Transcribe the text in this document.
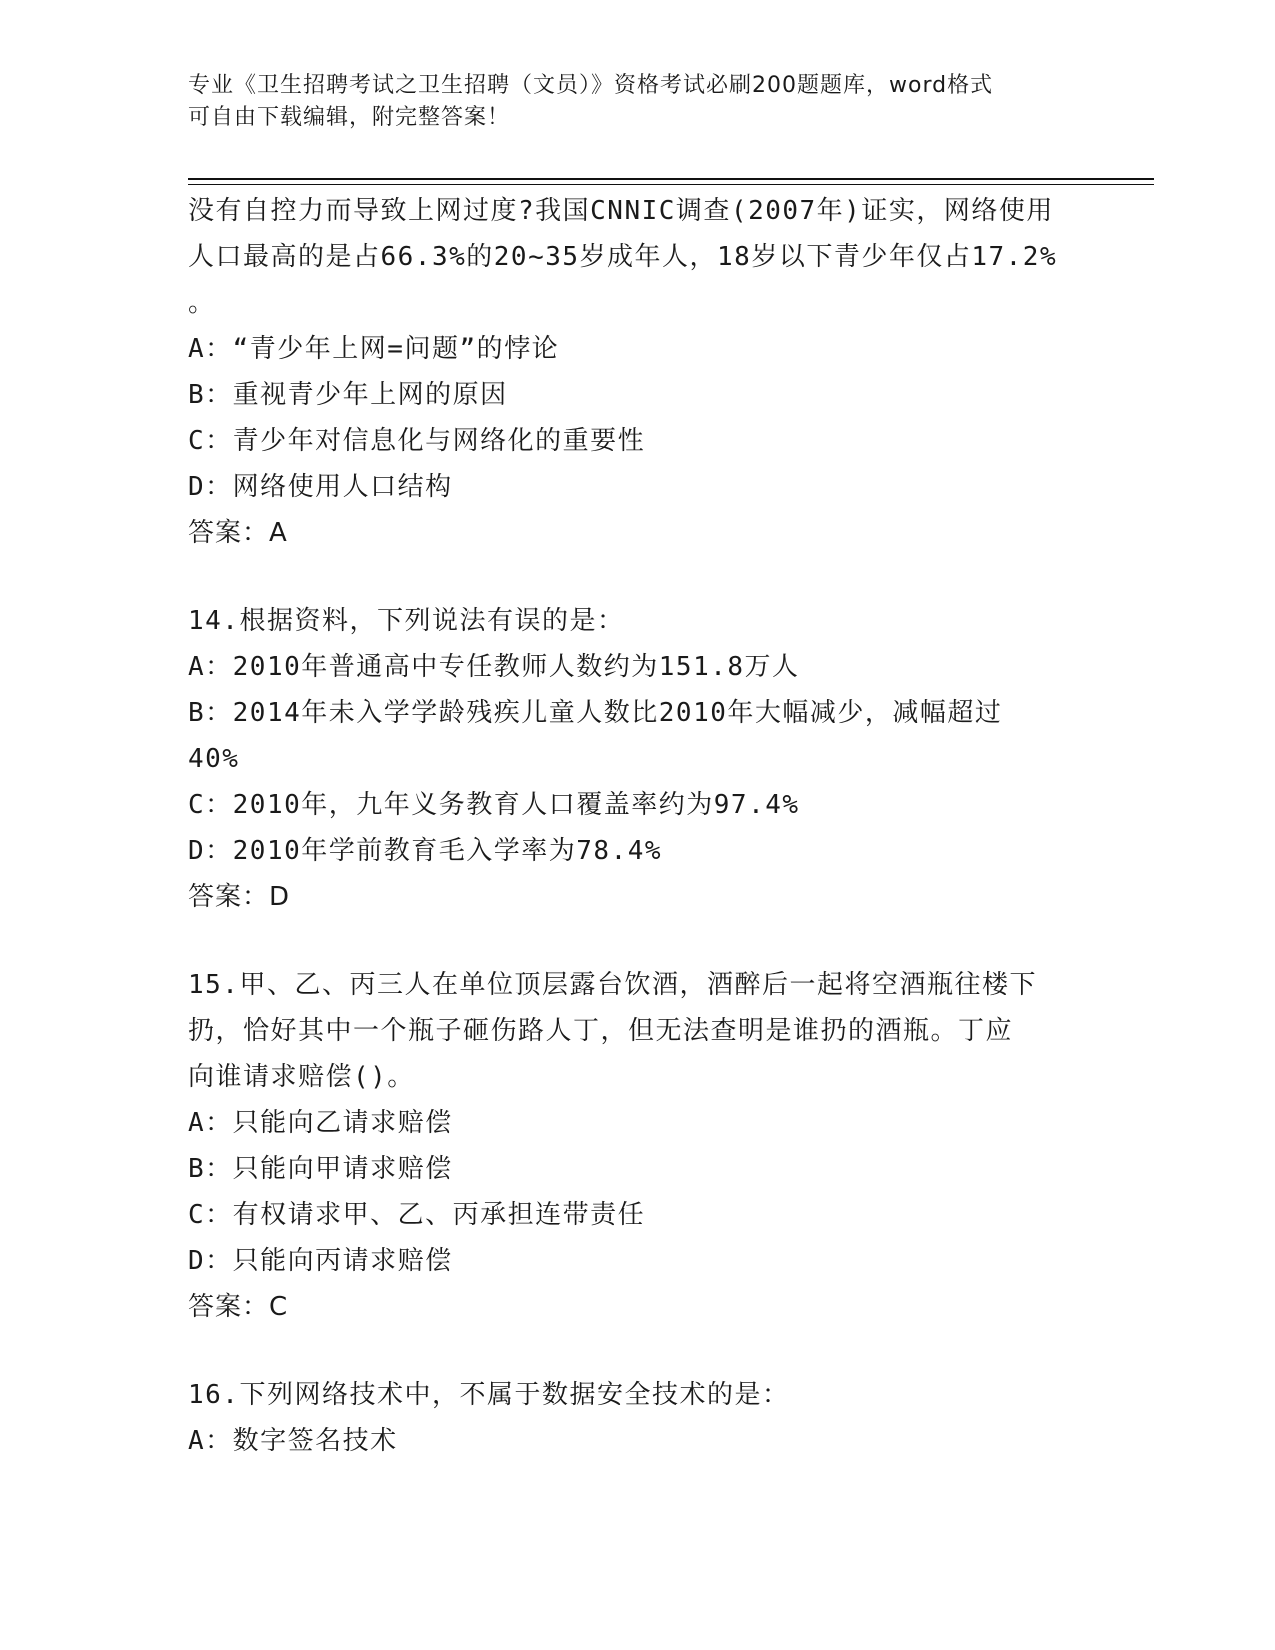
专业《卫生招聘考试之卫生招聘（文员）》资格考试必刷200题题库，word格式
可自由下载编辑，附完整答案！

没有自控力而导致上网过度?我国CNNIC调查(2007年)证实，网络使用

人口最高的是占66.3%的20~35岁成年人，18岁以下青少年仅占17.2%

。

A：“青少年上网=问题”的悖论

B：重视青少年上网的原因

C：青少年对信息化与网络化的重要性

D：网络使用人口结构

答案：A

14.根据资料，下列说法有误的是：

A：2010年普通高中专任教师人数约为151.8万人

B：2014年未入学学龄残疾儿童人数比2010年大幅减少，减幅超过

40%

C：2010年，九年义务教育人口覆盖率约为97.4%

D：2010年学前教育毛入学率为78.4%

答案：D

15.甲、乙、丙三人在单位顶层露台饮酒，酒醉后一起将空酒瓶往楼下

扔，恰好其中一个瓶子砸伤路人丁，但无法查明是谁扔的酒瓶。丁应

向谁请求赔偿()。

A：只能向乙请求赔偿

B：只能向甲请求赔偿

C：有权请求甲、乙、丙承担连带责任

D：只能向丙请求赔偿

答案：C

16.下列网络技术中，不属于数据安全技术的是：

A：数字签名技术
